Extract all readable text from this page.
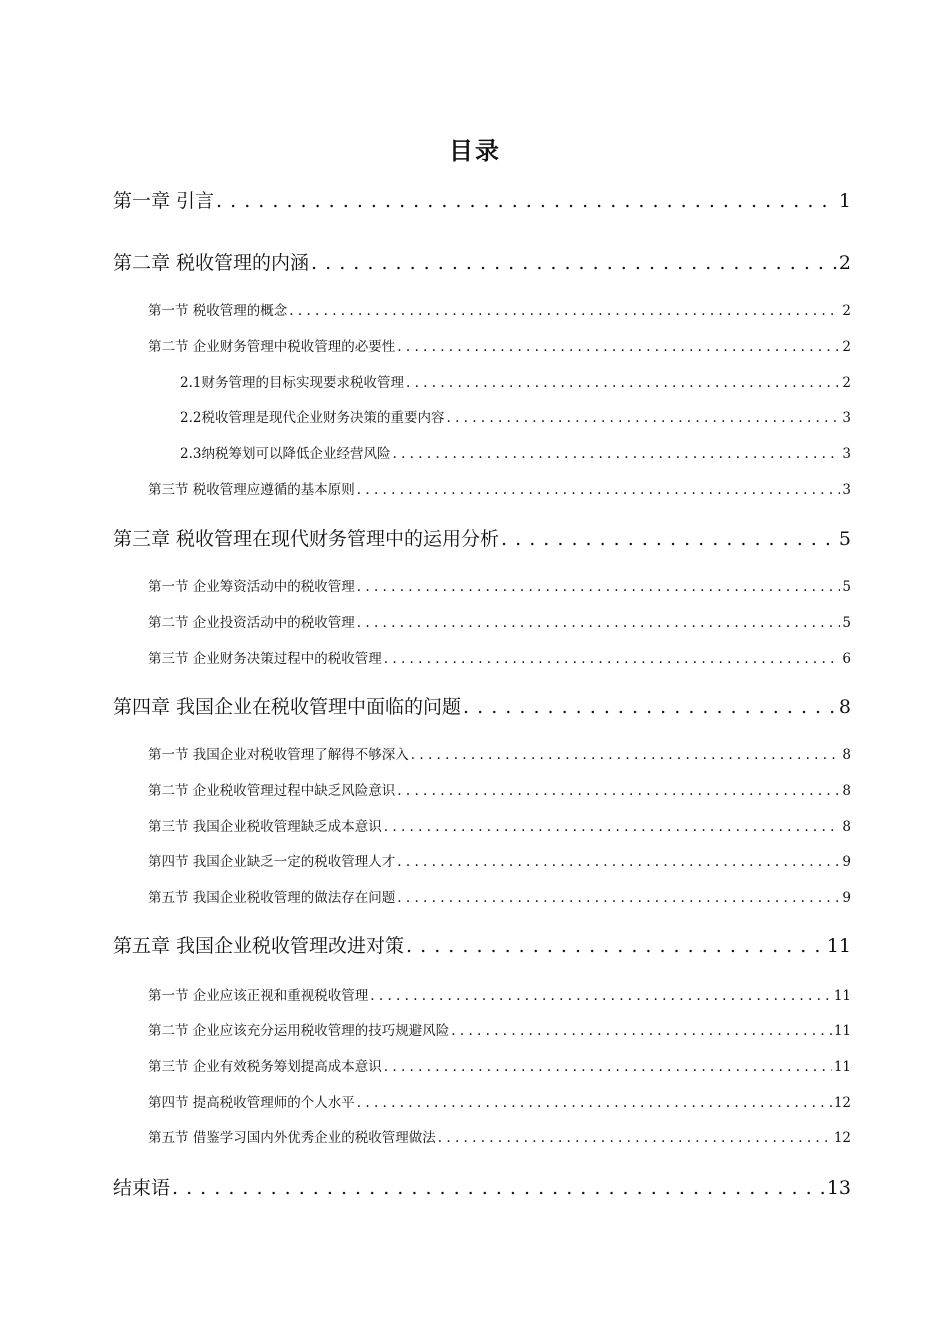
目录
第一章 引言 . . .	1
第二章 税收管理的内涵 . . .	2
第一节 税收管理的概念 . . .	2
第二节 企业财务管理中税收管理的必要性 . . .	2
2.1财务管理的目标实现要求税收管理 . . .	2
2.2税收管理是现代企业财务决策的重要内容 . . .	3
2.3纳税筹划可以降低企业经营风险 . . .	3
第三节 税收管理应遵循的基本原则 . . .	3
第三章 税收管理在现代财务管理中的运用分析 . . .	5
第一节 企业筹资活动中的税收管理 . . .	5
第二节 企业投资活动中的税收管理 . . .	5
第三节 企业财务决策过程中的税收管理 . . .	6
第四章 我国企业在税收管理中面临的问题 . . .	8
第一节 我国企业对税收管理了解得不够深入 . . .	8
第二节 企业税收管理过程中缺乏风险意识 . . .	8
第三节 我国企业税收管理缺乏成本意识 . . .	8
第四节 我国企业缺乏一定的税收管理人才 . . .	9
第五节 我国企业税收管理的做法存在问题 . . .	9
第五章 我国企业税收管理改进对策 . . .	11
第一节 企业应该正视和重视税收管理 . . .	11
第二节 企业应该充分运用税收管理的技巧规避风险 . . .	11
第三节 企业有效税务筹划提高成本意识 . . .	11
第四节 提高税收管理师的个人水平 . . .	12
第五节 借鉴学习国内外优秀企业的税收管理做法 . . .	12
结束语 . . .	13
